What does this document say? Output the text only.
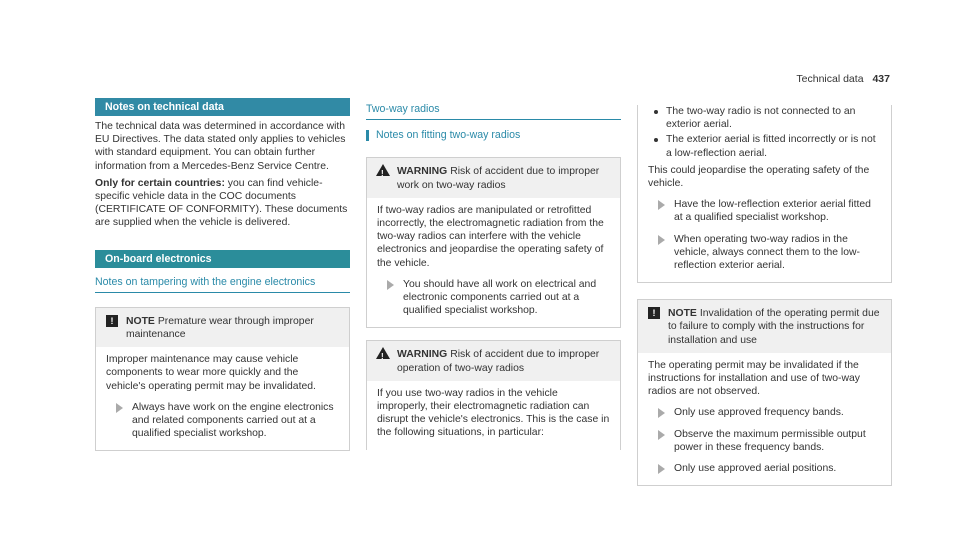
Technical data 437
Notes on technical data

The technical data was determined in accordance with EU Directives. The data stated only applies to vehicles with standard equipment. You can obtain further information from a Mercedes-Benz Service Centre.

Only for certain countries: you can find vehicle-specific vehicle data in the COC documents (CERTIFICATE OF CONFORMITY). These documents are supplied when the vehicle is delivered.

On-board electronics
Notes on tampering with the engine electronics
!	NOTE Premature wear through improper maintenance

Improper maintenance may cause vehicle components to wear more quickly and the vehicle's operating permit may be invalidated.

Always have work on the engine electronics and related components carried out at a qualified specialist workshop.
Two-way radios
Notes on fitting two-way radios
! WARNING Risk of accident due to improper work on two-way radios

If two-way radios are manipulated or retrofitted incorrectly, the electromagnetic radiation from the two-way radios can interfere with the vehicle electronics and jeopardise the operating safety of the vehicle.

You should have all work on electrical and electronic components carried out at a qualified specialist workshop.
! WARNING Risk of accident due to improper operation of two-way radios

If you use two-way radios in the vehicle improperly, their electromagnetic radiation can disrupt the vehicle's electronics. This is the case in the following situations, in particular:

The two-way radio is not connected to an exterior aerial.
The exterior aerial is fitted incorrectly or is not a low-reflection aerial.

This could jeopardise the operating safety of the vehicle.

Have the low-reflection exterior aerial fitted at a qualified specialist workshop.
When operating two-way radios in the vehicle, always connect them to the low-reflection exterior aerial.
!	NOTE Invalidation of the operating permit due to failure to comply with the instructions for installation and use

The operating permit may be invalidated if the instructions for installation and use of two-way radios are not observed.

Only use approved frequency bands.
Observe the maximum permissible output power in these frequency bands.
Only use approved aerial positions.
